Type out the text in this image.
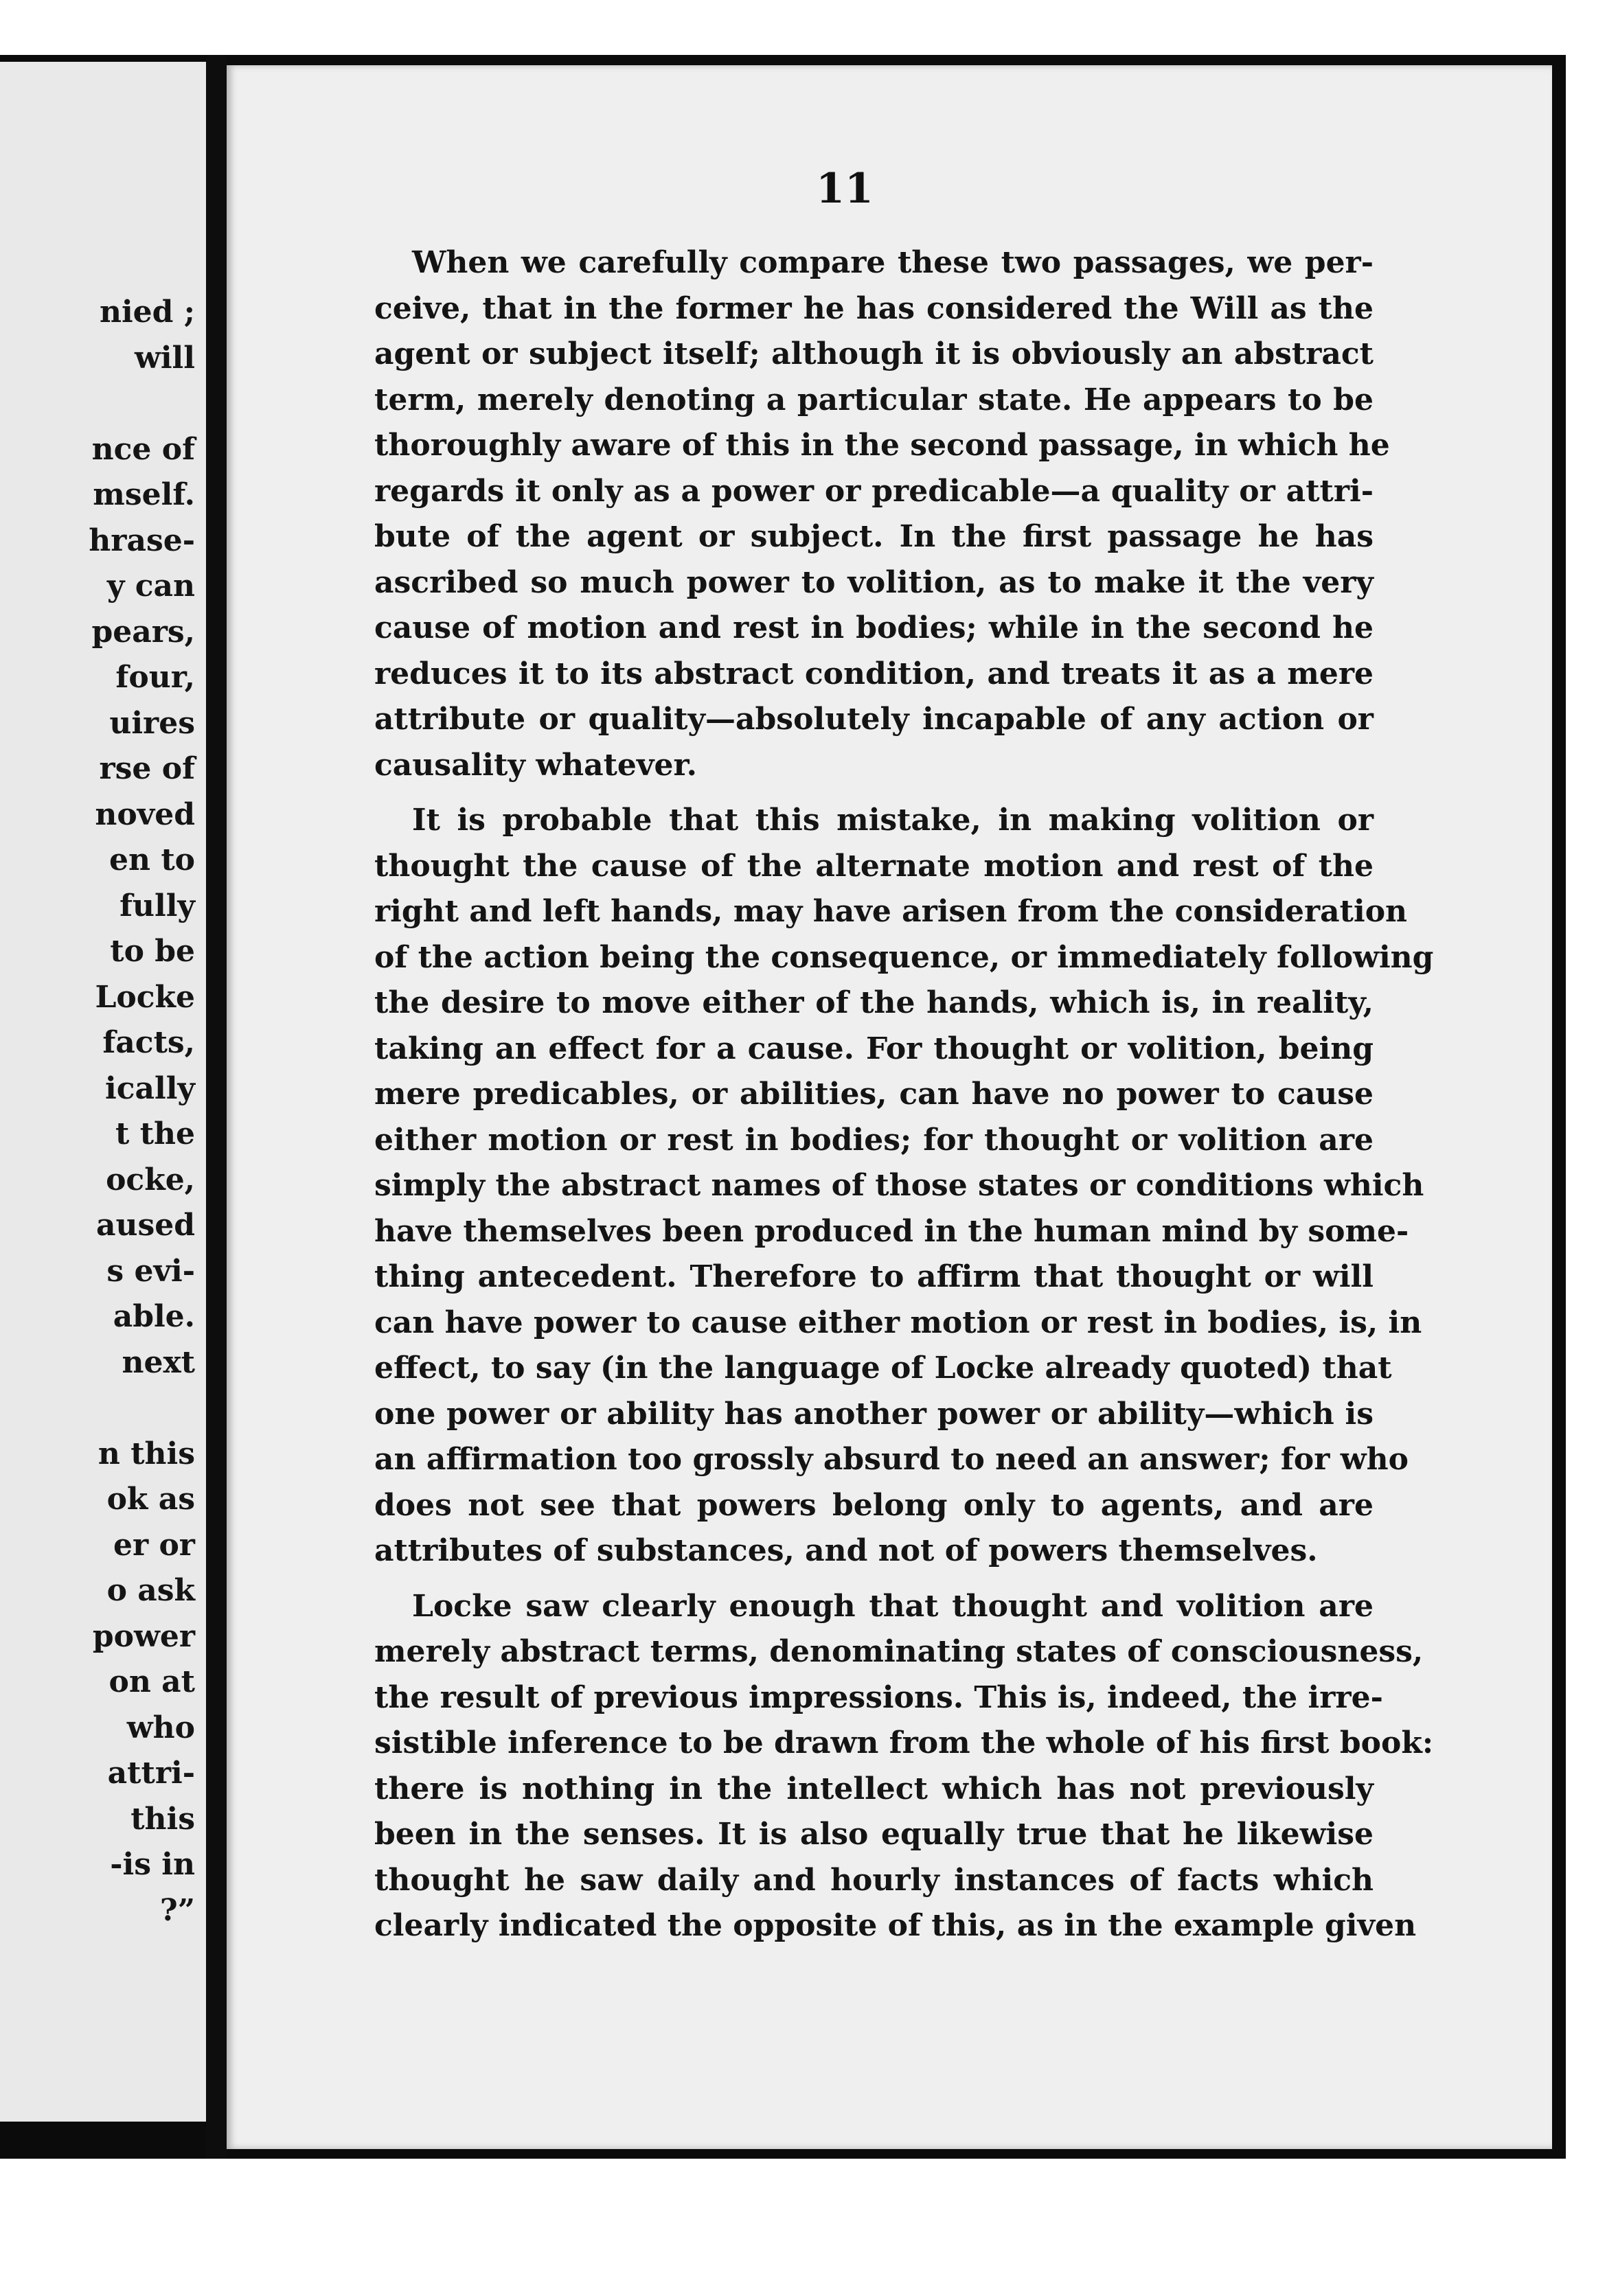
nied ;
will
nce of
mself.
hrase-
y can
pears,
four,
uires
rse of
noved
en to
fully
to be
Locke
facts,
ically
t the
ocke,
aused
s evi-
able.
next
n this
ok as
er or
o ask
power
on at
who
attri-
this
-is in
?”
11
When we carefully compare these two passages, we per-
ceive, that in the former he has considered the Will as the
agent or subject itself; although it is obviously an abstract
term, merely denoting a particular state. He appears to be
thoroughly aware of this in the second passage, in which he
regards it only as a power or predicable—a quality or attri-
bute of the agent or subject. In the first passage he has
ascribed so much power to volition, as to make it the very
cause of motion and rest in bodies; while in the second he
reduces it to its abstract condition, and treats it as a mere
attribute or quality—absolutely incapable of any action or
causality whatever.
It is probable that this mistake, in making volition or
thought the cause of the alternate motion and rest of the
right and left hands, may have arisen from the consideration
of the action being the consequence, or immediately following
the desire to move either of the hands, which is, in reality,
taking an effect for a cause. For thought or volition, being
mere predicables, or abilities, can have no power to cause
either motion or rest in bodies; for thought or volition are
simply the abstract names of those states or conditions which
have themselves been produced in the human mind by some-
thing antecedent. Therefore to affirm that thought or will
can have power to cause either motion or rest in bodies, is, in
effect, to say (in the language of Locke already quoted) that
one power or ability has another power or ability—which is
an affirmation too grossly absurd to need an answer; for who
does not see that powers belong only to agents, and are
attributes of substances, and not of powers themselves.
Locke saw clearly enough that thought and volition are
merely abstract terms, denominating states of consciousness,
the result of previous impressions. This is, indeed, the irre-
sistible inference to be drawn from the whole of his first book:
there is nothing in the intellect which has not previously
been in the senses. It is also equally true that he likewise
thought he saw daily and hourly instances of facts which
clearly indicated the opposite of this, as in the example given
